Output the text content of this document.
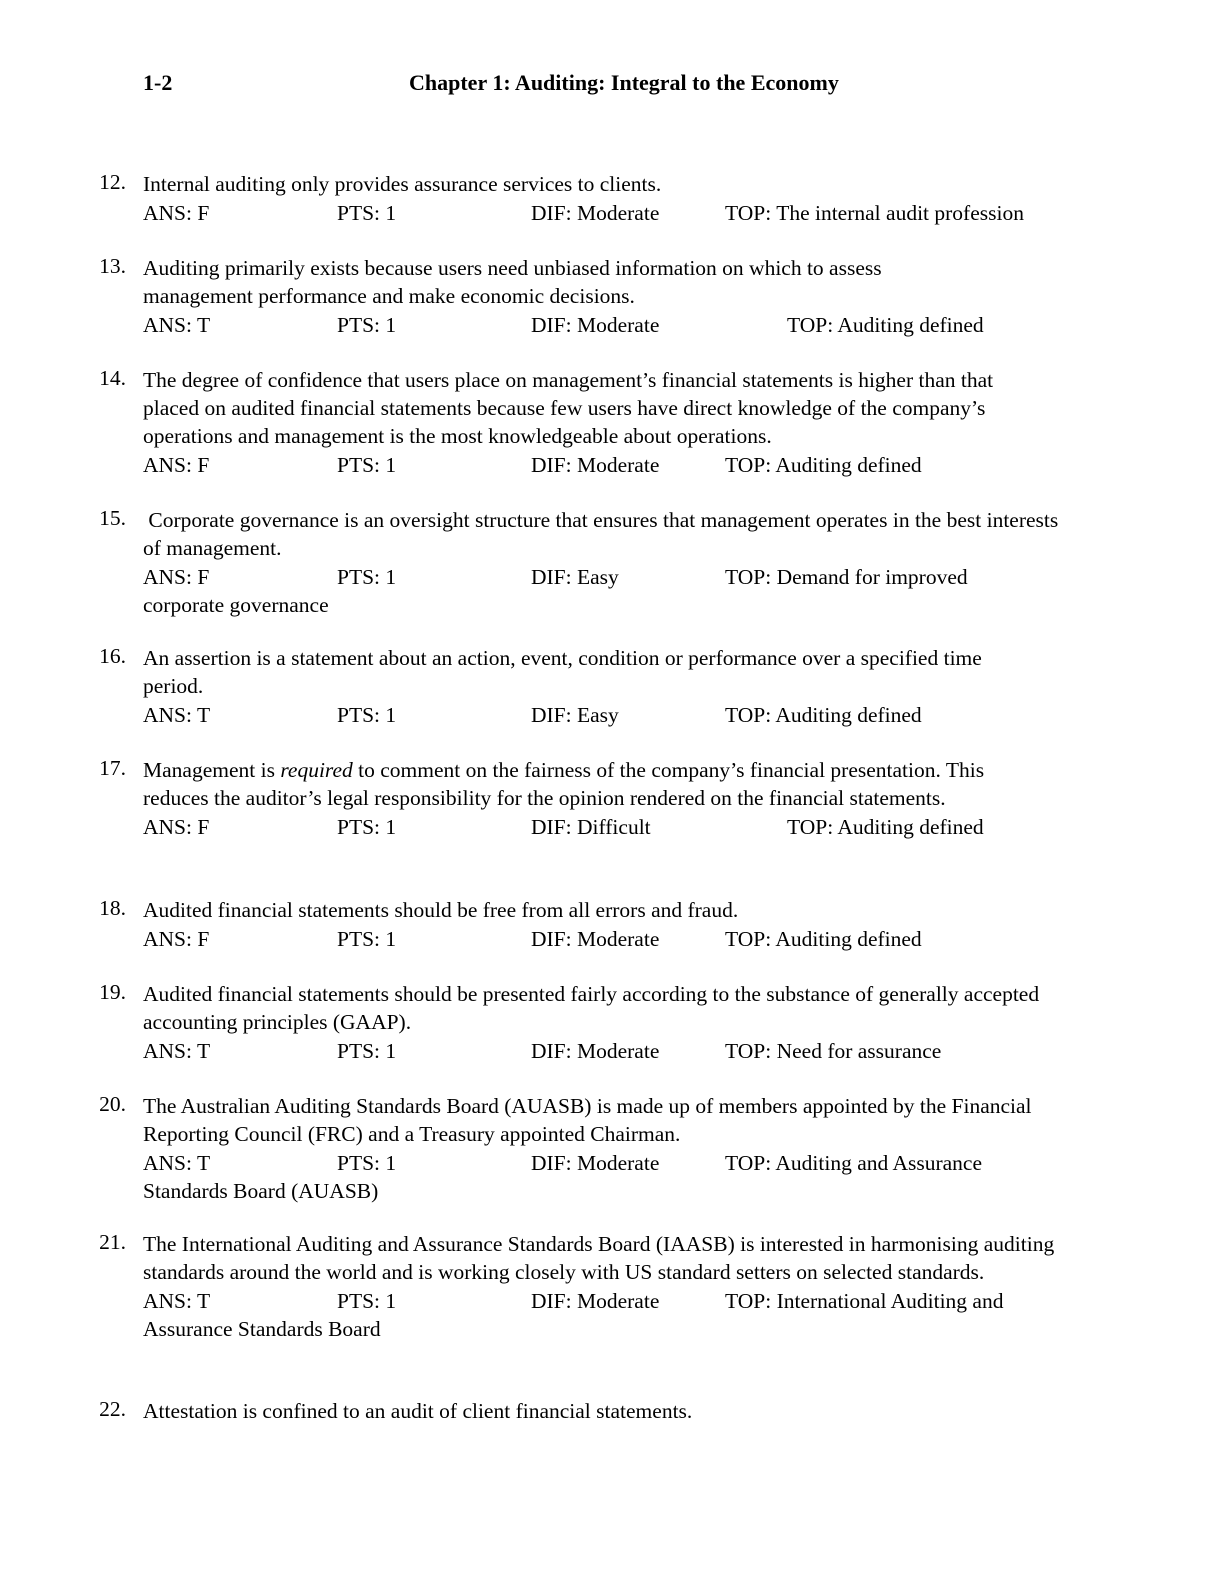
1-2	Chapter 1: Auditing: Integral to the Economy
12. Internal auditing only provides assurance services to clients.
ANS: F	PTS: 1	DIF: Moderate	TOP: The internal audit profession
13. Auditing primarily exists because users need unbiased information on which to assess management performance and make economic decisions.
ANS: T	PTS: 1	DIF: Moderate	TOP: Auditing defined
14. The degree of confidence that users place on management’s financial statements is higher than that placed on audited financial statements because few users have direct knowledge of the company’s operations and management is the most knowledgeable about operations.
ANS: F	PTS: 1	DIF: Moderate	TOP: Auditing defined
15. Corporate governance is an oversight structure that ensures that management operates in the best interests of management.
ANS: F	PTS: 1	DIF: Easy	TOP: Demand for improved
corporate governance
16. An assertion is a statement about an action, event, condition or performance over a specified time period.
ANS: T	PTS: 1	DIF: Easy	TOP: Auditing defined
17. Management is required to comment on the fairness of the company’s financial presentation. This reduces the auditor’s legal responsibility for the opinion rendered on the financial statements.
ANS: F	PTS: 1	DIF: Difficult	TOP: Auditing defined
18. Audited financial statements should be free from all errors and fraud.
ANS: F	PTS: 1	DIF: Moderate	TOP: Auditing defined
19. Audited financial statements should be presented fairly according to the substance of generally accepted accounting principles (GAAP).
ANS: T	PTS: 1	DIF: Moderate	TOP: Need for assurance
20. The Australian Auditing Standards Board (AUASB) is made up of members appointed by the Financial Reporting Council (FRC) and a Treasury appointed Chairman.
ANS: T	PTS: 1	DIF: Moderate	TOP: Auditing and Assurance
Standards Board (AUASB)
21. The International Auditing and Assurance Standards Board (IAASB) is interested in harmonising auditing standards around the world and is working closely with US standard setters on selected standards.
ANS: T	PTS: 1	DIF: Moderate	TOP: International Auditing and
Assurance Standards Board
22. Attestation is confined to an audit of client financial statements.
